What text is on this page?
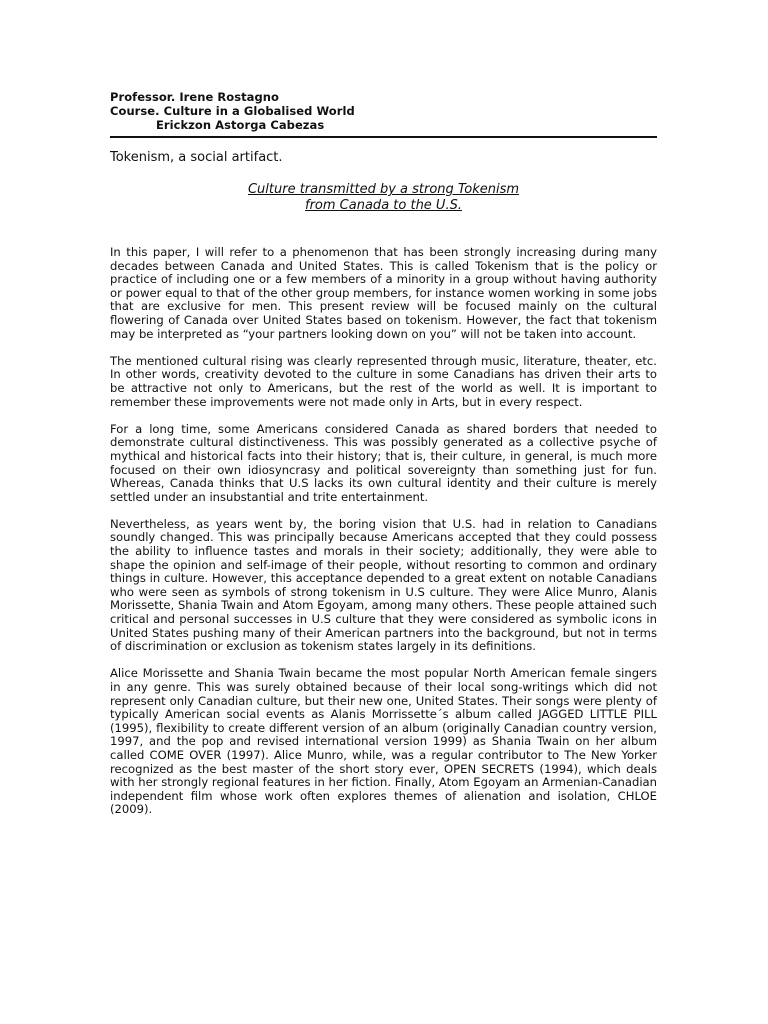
Professor. Irene Rostagno
Course. Culture in a Globalised World
Erickzon Astorga Cabezas
Tokenism, a social artifact.
Culture transmitted by a strong Tokenism
from Canada to the U.S.

In this paper, I will refer to a phenomenon that has been strongly increasing during many decades between Canada and United States. This is called Tokenism that is the policy or practice of including one or a few members of a minority in a group without having authority or power equal to that of the other group members, for instance women working in some jobs that are exclusive for men. This present review will be focused mainly on the cultural flowering of Canada over United States based on tokenism. However, the fact that tokenism may be interpreted as “your partners looking down on you” will not be taken into account.

The mentioned cultural rising was clearly represented through music, literature, theater, etc. In other words, creativity devoted to the culture in some Canadians has driven their arts to be attractive not only to Americans, but the rest of the world as well. It is important to remember these improvements were not made only in Arts, but in every respect.

For a long time, some Americans considered Canada as shared borders that needed to demonstrate cultural distinctiveness. This was possibly generated as a collective psyche of mythical and historical facts into their history; that is, their culture, in general, is much more focused on their own idiosyncrasy and political sovereignty than something just for fun. Whereas, Canada thinks that U.S lacks its own cultural identity and their culture is merely settled under an insubstantial and trite entertainment.

Nevertheless, as years went by, the boring vision that U.S. had in relation to Canadians soundly changed. This was principally because Americans accepted that they could possess the ability to influence tastes and morals in their society; additionally, they were able to shape the opinion and self-image of their people, without resorting to common and ordinary things in culture. However, this acceptance depended to a great extent on notable Canadians who were seen as symbols of strong tokenism in U.S culture. They were Alice Munro, Alanis Morissette, Shania Twain and Atom Egoyam, among many others. These people attained such critical and personal successes in U.S culture that they were considered as symbolic icons in United States pushing many of their American partners into the background, but not in terms of discrimination or exclusion as tokenism states largely in its definitions.

Alice Morissette and Shania Twain became the most popular North American female singers in any genre. This was surely obtained because of their local song-writings which did not represent only Canadian culture, but their new one, United States. Their songs were plenty of typically American social events as Alanis Morrissette´s album called JAGGED LITTLE PILL (1995), flexibility to create different version of an album (originally Canadian country version, 1997, and the pop and revised international version 1999) as Shania Twain on her album called COME OVER (1997). Alice Munro, while, was a regular contributor to The New Yorker recognized as the best master of the short story ever, OPEN SECRETS (1994), which deals with her strongly regional features in her fiction. Finally, Atom Egoyam an Armenian-Canadian independent film whose work often explores themes of alienation and isolation, CHLOE (2009).
